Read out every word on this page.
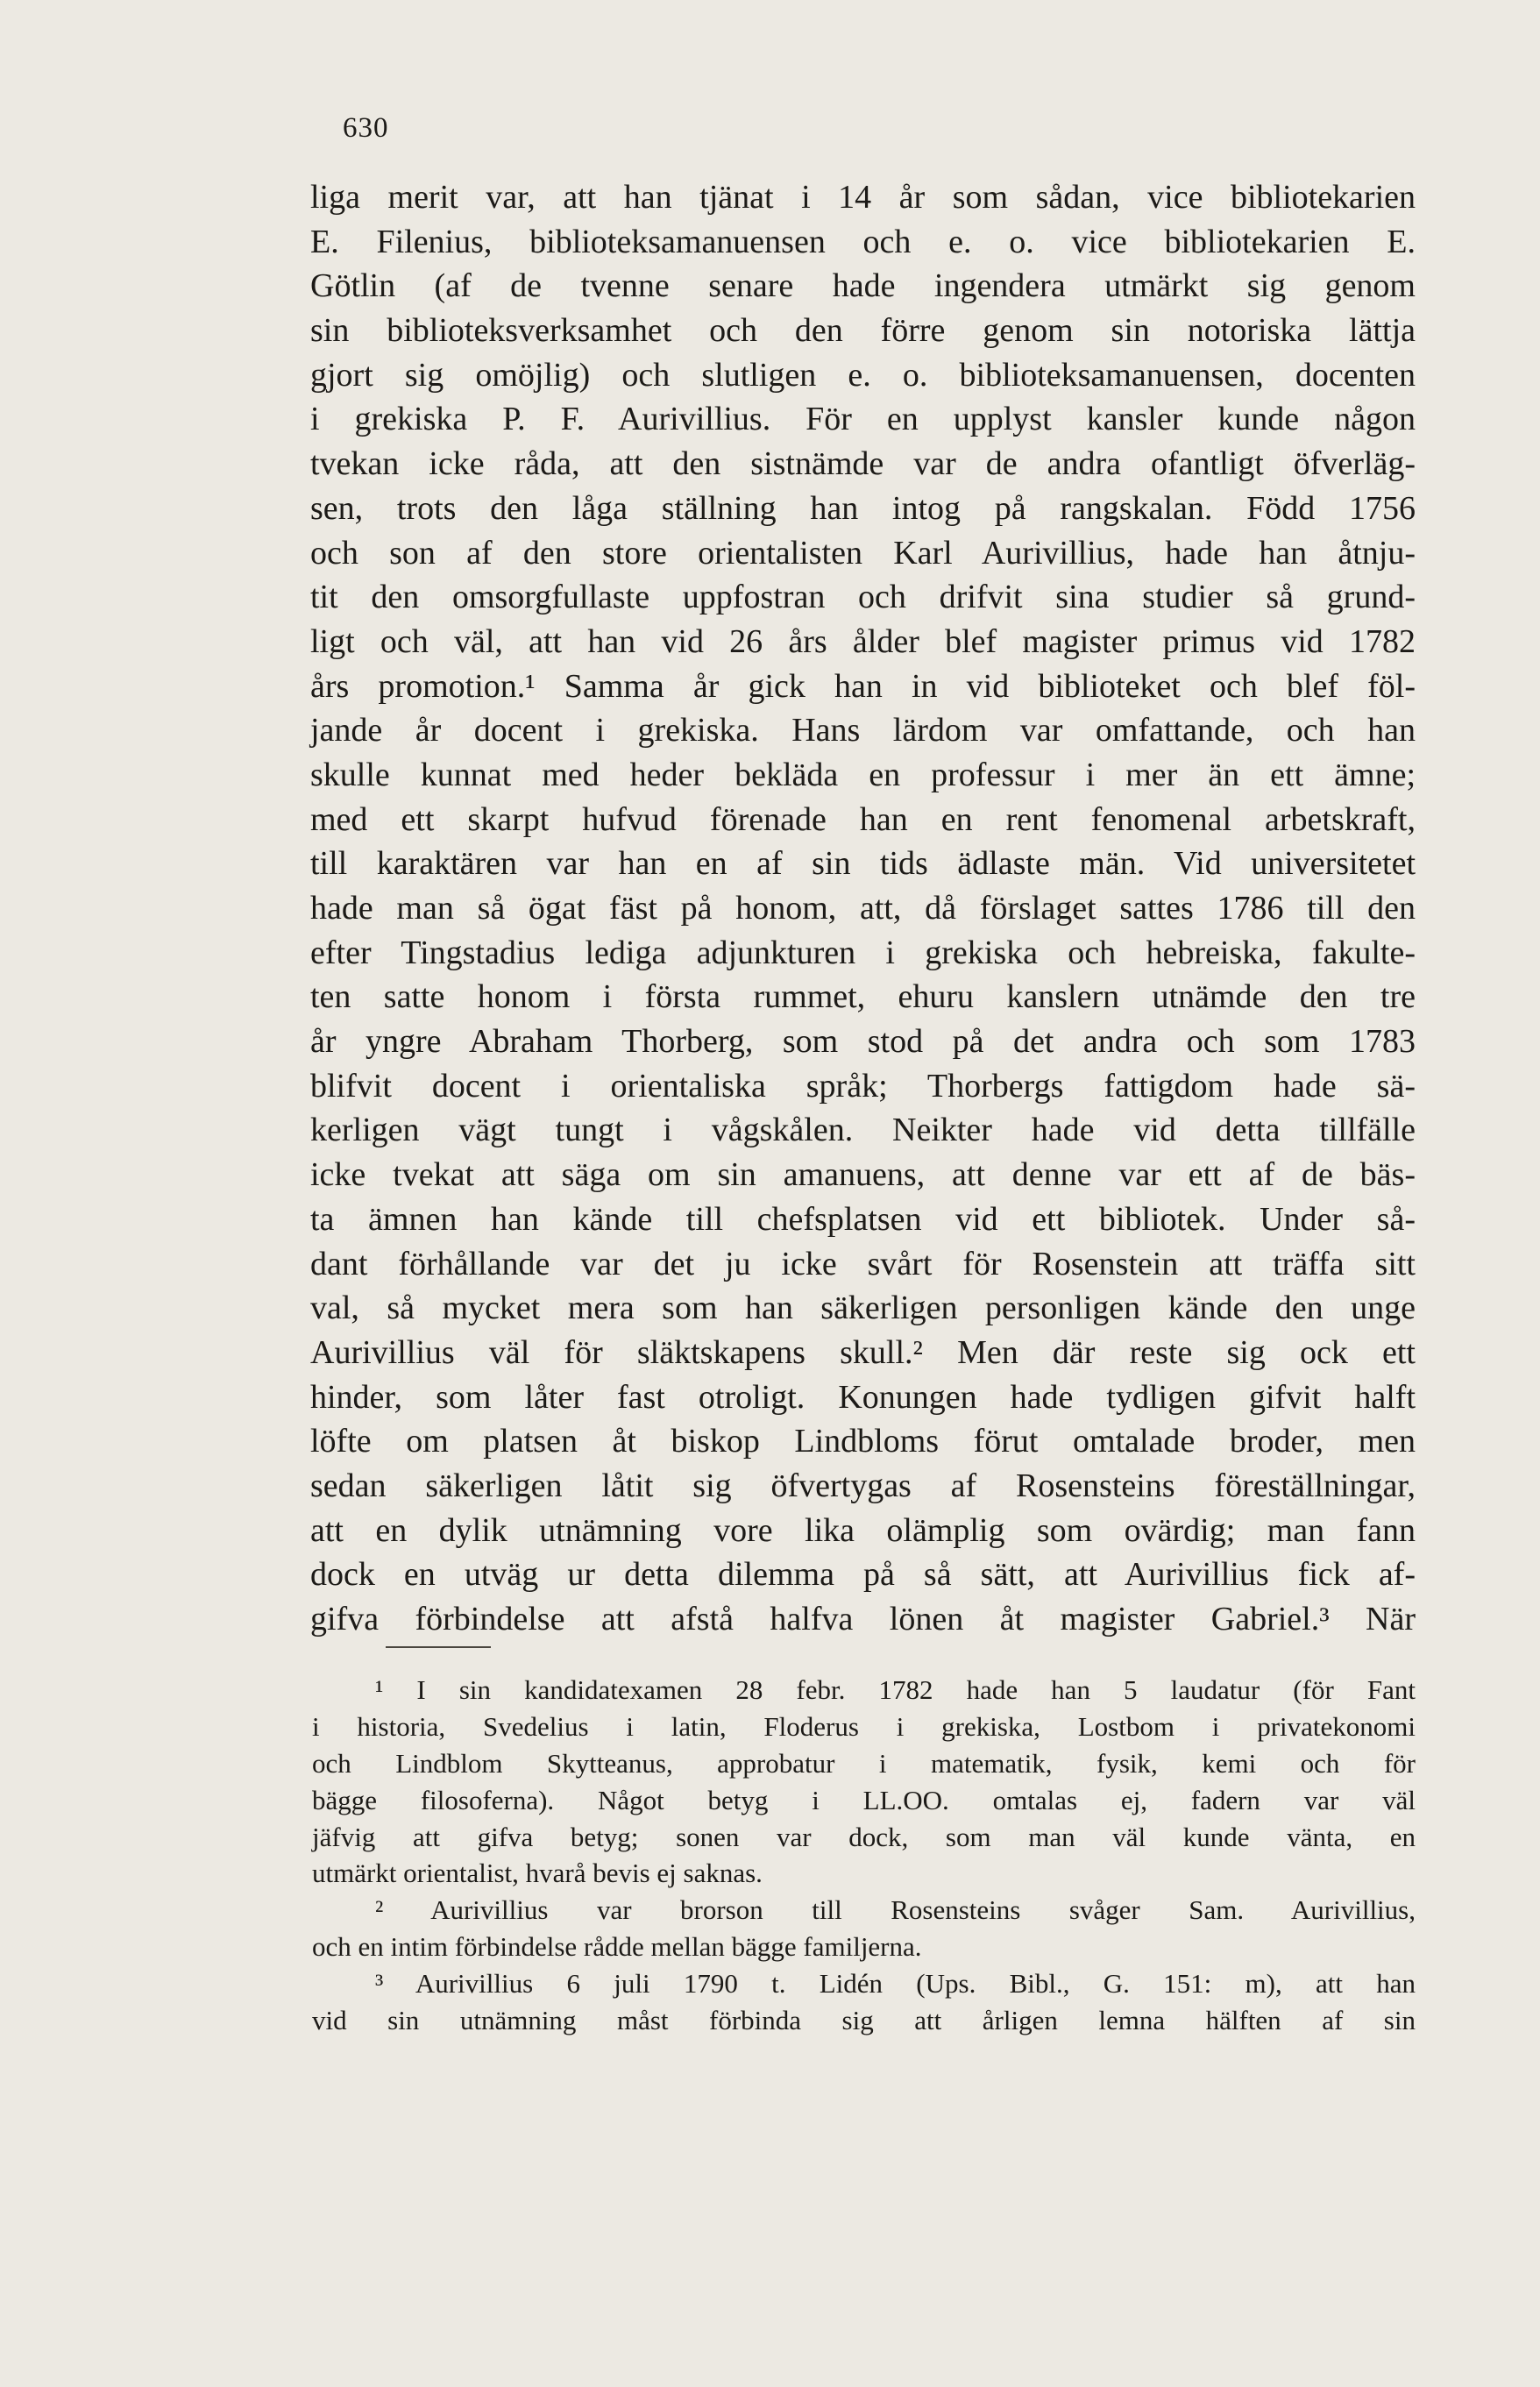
630
liga merit var, att han tjänat i 14 år som sådan, vice bibliotekarien
E. Filenius, biblioteksamanuensen och e. o. vice bibliotekarien E.
Götlin (af de tvenne senare hade ingendera utmärkt sig genom
sin biblioteksverksamhet och den förre genom sin notoriska lättja
gjort sig omöjlig) och slutligen e. o. biblioteksamanuensen, docenten
i grekiska P. F. Aurivillius. För en upplyst kansler kunde någon
tvekan icke råda, att den sistnämde var de andra ofantligt öfverläg-
sen, trots den låga ställning han intog på rangskalan. Född 1756
och son af den store orientalisten Karl Aurivillius, hade han åtnju-
tit den omsorgfullaste uppfostran och drifvit sina studier så grund-
ligt och väl, att han vid 26 års ålder blef magister primus vid 1782
års promotion.¹ Samma år gick han in vid biblioteket och blef föl-
jande år docent i grekiska. Hans lärdom var omfattande, och han
skulle kunnat med heder bekläda en professur i mer än ett ämne;
med ett skarpt hufvud förenade han en rent fenomenal arbetskraft,
till karaktären var han en af sin tids ädlaste män. Vid universitetet
hade man så ögat fäst på honom, att, då förslaget sattes 1786 till den
efter Tingstadius lediga adjunkturen i grekiska och hebreiska, fakulte-
ten satte honom i första rummet, ehuru kanslern utnämde den tre
år yngre Abraham Thorberg, som stod på det andra och som 1783
blifvit docent i orientaliska språk; Thorbergs fattigdom hade sä-
kerligen vägt tungt i vågskålen. Neikter hade vid detta tillfälle
icke tvekat att säga om sin amanuens, att denne var ett af de bäs-
ta ämnen han kände till chefsplatsen vid ett bibliotek. Under så-
dant förhållande var det ju icke svårt för Rosenstein att träffa sitt
val, så mycket mera som han säkerligen personligen kände den unge
Aurivillius väl för släktskapens skull.² Men där reste sig ock ett
hinder, som låter fast otroligt. Konungen hade tydligen gifvit halft
löfte om platsen åt biskop Lindbloms förut omtalade broder, men
sedan säkerligen låtit sig öfvertygas af Rosensteins föreställningar,
att en dylik utnämning vore lika olämplig som ovärdig; man fann
dock en utväg ur detta dilemma på så sätt, att Aurivillius fick af-
gifva förbindelse att afstå halfva lönen åt magister Gabriel.³ När
¹ I sin kandidatexamen 28 febr. 1782 hade han 5 laudatur (för Fant
i historia, Svedelius i latin, Floderus i grekiska, Lostbom i privatekonomi
och Lindblom Skytteanus, approbatur i matematik, fysik, kemi och för
bägge filosoferna). Något betyg i LL.OO. omtalas ej, fadern var väl
jäfvig att gifva betyg; sonen var dock, som man väl kunde vänta, en
utmärkt orientalist, hvarå bevis ej saknas.
² Aurivillius var brorson till Rosensteins svåger Sam. Aurivillius,
och en intim förbindelse rådde mellan bägge familjerna.
³ Aurivillius 6 juli 1790 t. Lidén (Ups. Bibl., G. 151: m), att han
vid sin utnämning måst förbinda sig att årligen lemna hälften af sin
